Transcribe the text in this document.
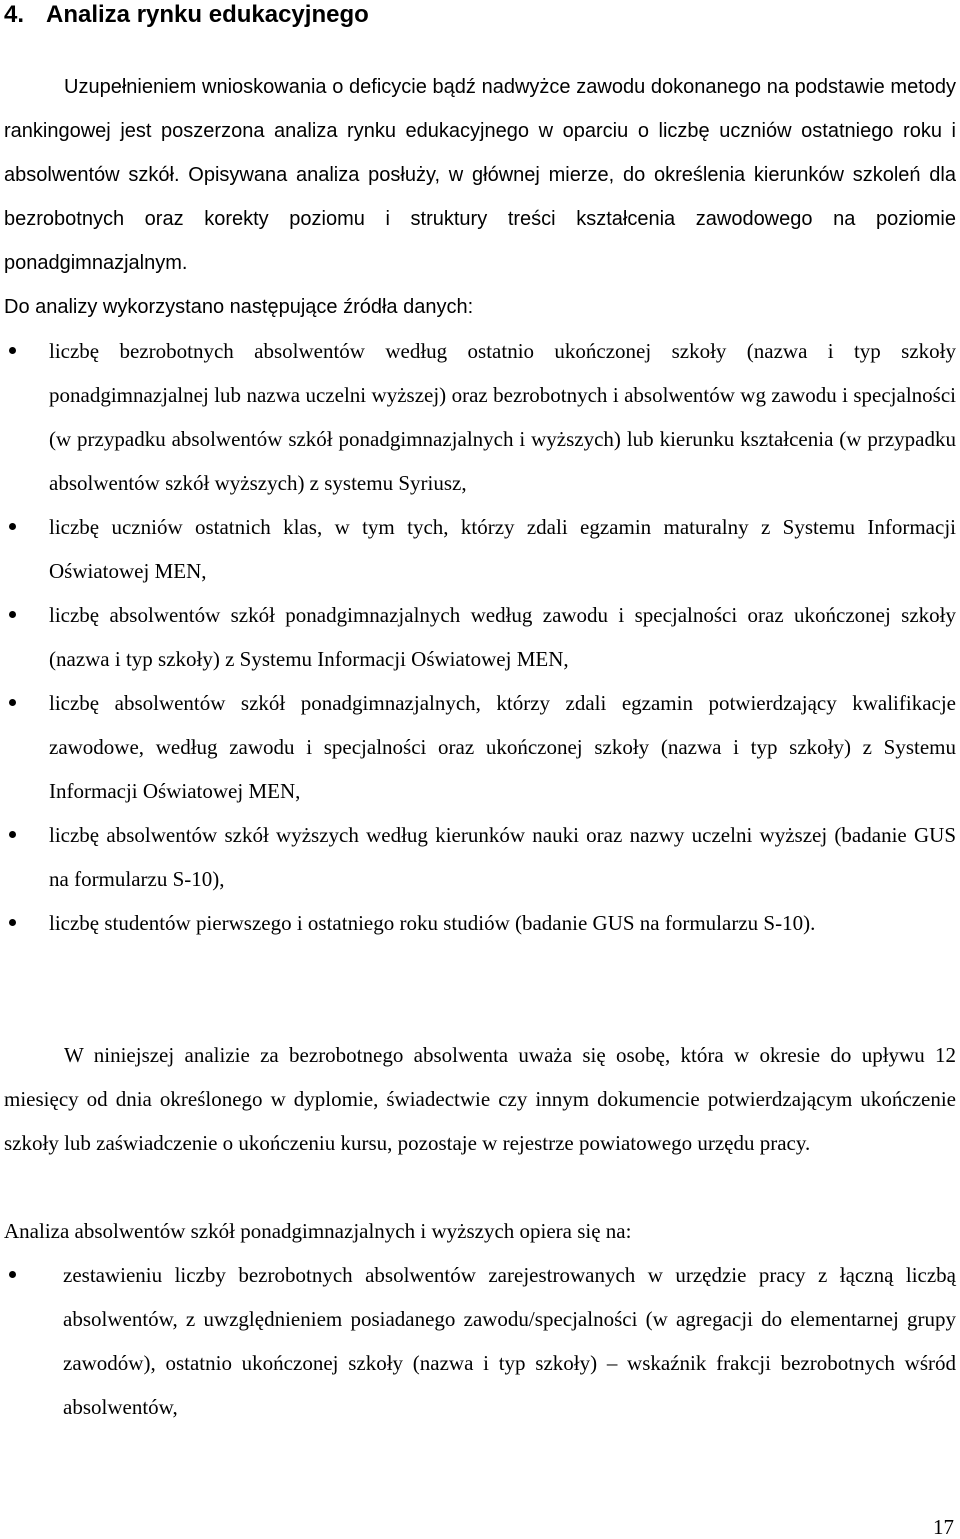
4. Analiza rynku edukacyjnego

Uzupełnieniem wnioskowania o deficycie bądź nadwyżce zawodu dokonanego na podstawie metody rankingowej jest poszerzona analiza rynku edukacyjnego w oparciu o liczbę uczniów ostatniego roku i absolwentów szkół. Opisywana analiza posłuży, w głównej mierze, do określenia kierunków szkoleń dla bezrobotnych oraz korekty poziomu i struktury treści kształcenia zawodowego na poziomie ponadgimnazjalnym.

Do analizy wykorzystano następujące źródła danych:

liczbę bezrobotnych absolwentów według ostatnio ukończonej szkoły (nazwa i typ szkoły ponadgimnazjalnej lub nazwa uczelni wyższej) oraz bezrobotnych i absolwentów wg zawodu i specjalności (w przypadku absolwentów szkół ponadgimnazjalnych i wyższych) lub kierunku kształcenia (w przypadku absolwentów szkół wyższych) z systemu Syriusz,
liczbę uczniów ostatnich klas, w tym tych, którzy zdali egzamin maturalny z Systemu Informacji Oświatowej MEN,
liczbę absolwentów szkół ponadgimnazjalnych według zawodu i specjalności oraz ukończonej szkoły (nazwa i typ szkoły) z Systemu Informacji Oświatowej MEN,
liczbę absolwentów szkół ponadgimnazjalnych, którzy zdali egzamin potwierdzający kwalifikacje zawodowe, według zawodu i specjalności oraz ukończonej szkoły (nazwa i typ szkoły) z Systemu Informacji Oświatowej MEN,
liczbę absolwentów szkół wyższych według kierunków nauki oraz nazwy uczelni wyższej (badanie GUS na formularzu S-10),
liczbę studentów pierwszego i ostatniego roku studiów (badanie GUS na formularzu S-10).

W niniejszej analizie za bezrobotnego absolwenta uważa się osobę, która w okresie do upływu 12 miesięcy od dnia określonego w dyplomie, świadectwie czy innym dokumencie potwierdzającym ukończenie szkoły lub zaświadczenie o ukończeniu kursu, pozostaje w rejestrze powiatowego urzędu pracy.

Analiza absolwentów szkół ponadgimnazjalnych i wyższych opiera się na:

zestawieniu liczby bezrobotnych absolwentów zarejestrowanych w urzędzie pracy z łączną liczbą absolwentów, z uwzględnieniem posiadanego zawodu/specjalności (w agregacji do elementarnej grupy zawodów), ostatnio ukończonej szkoły (nazwa i typ szkoły) – wskaźnik frakcji bezrobotnych wśród absolwentów,
17
